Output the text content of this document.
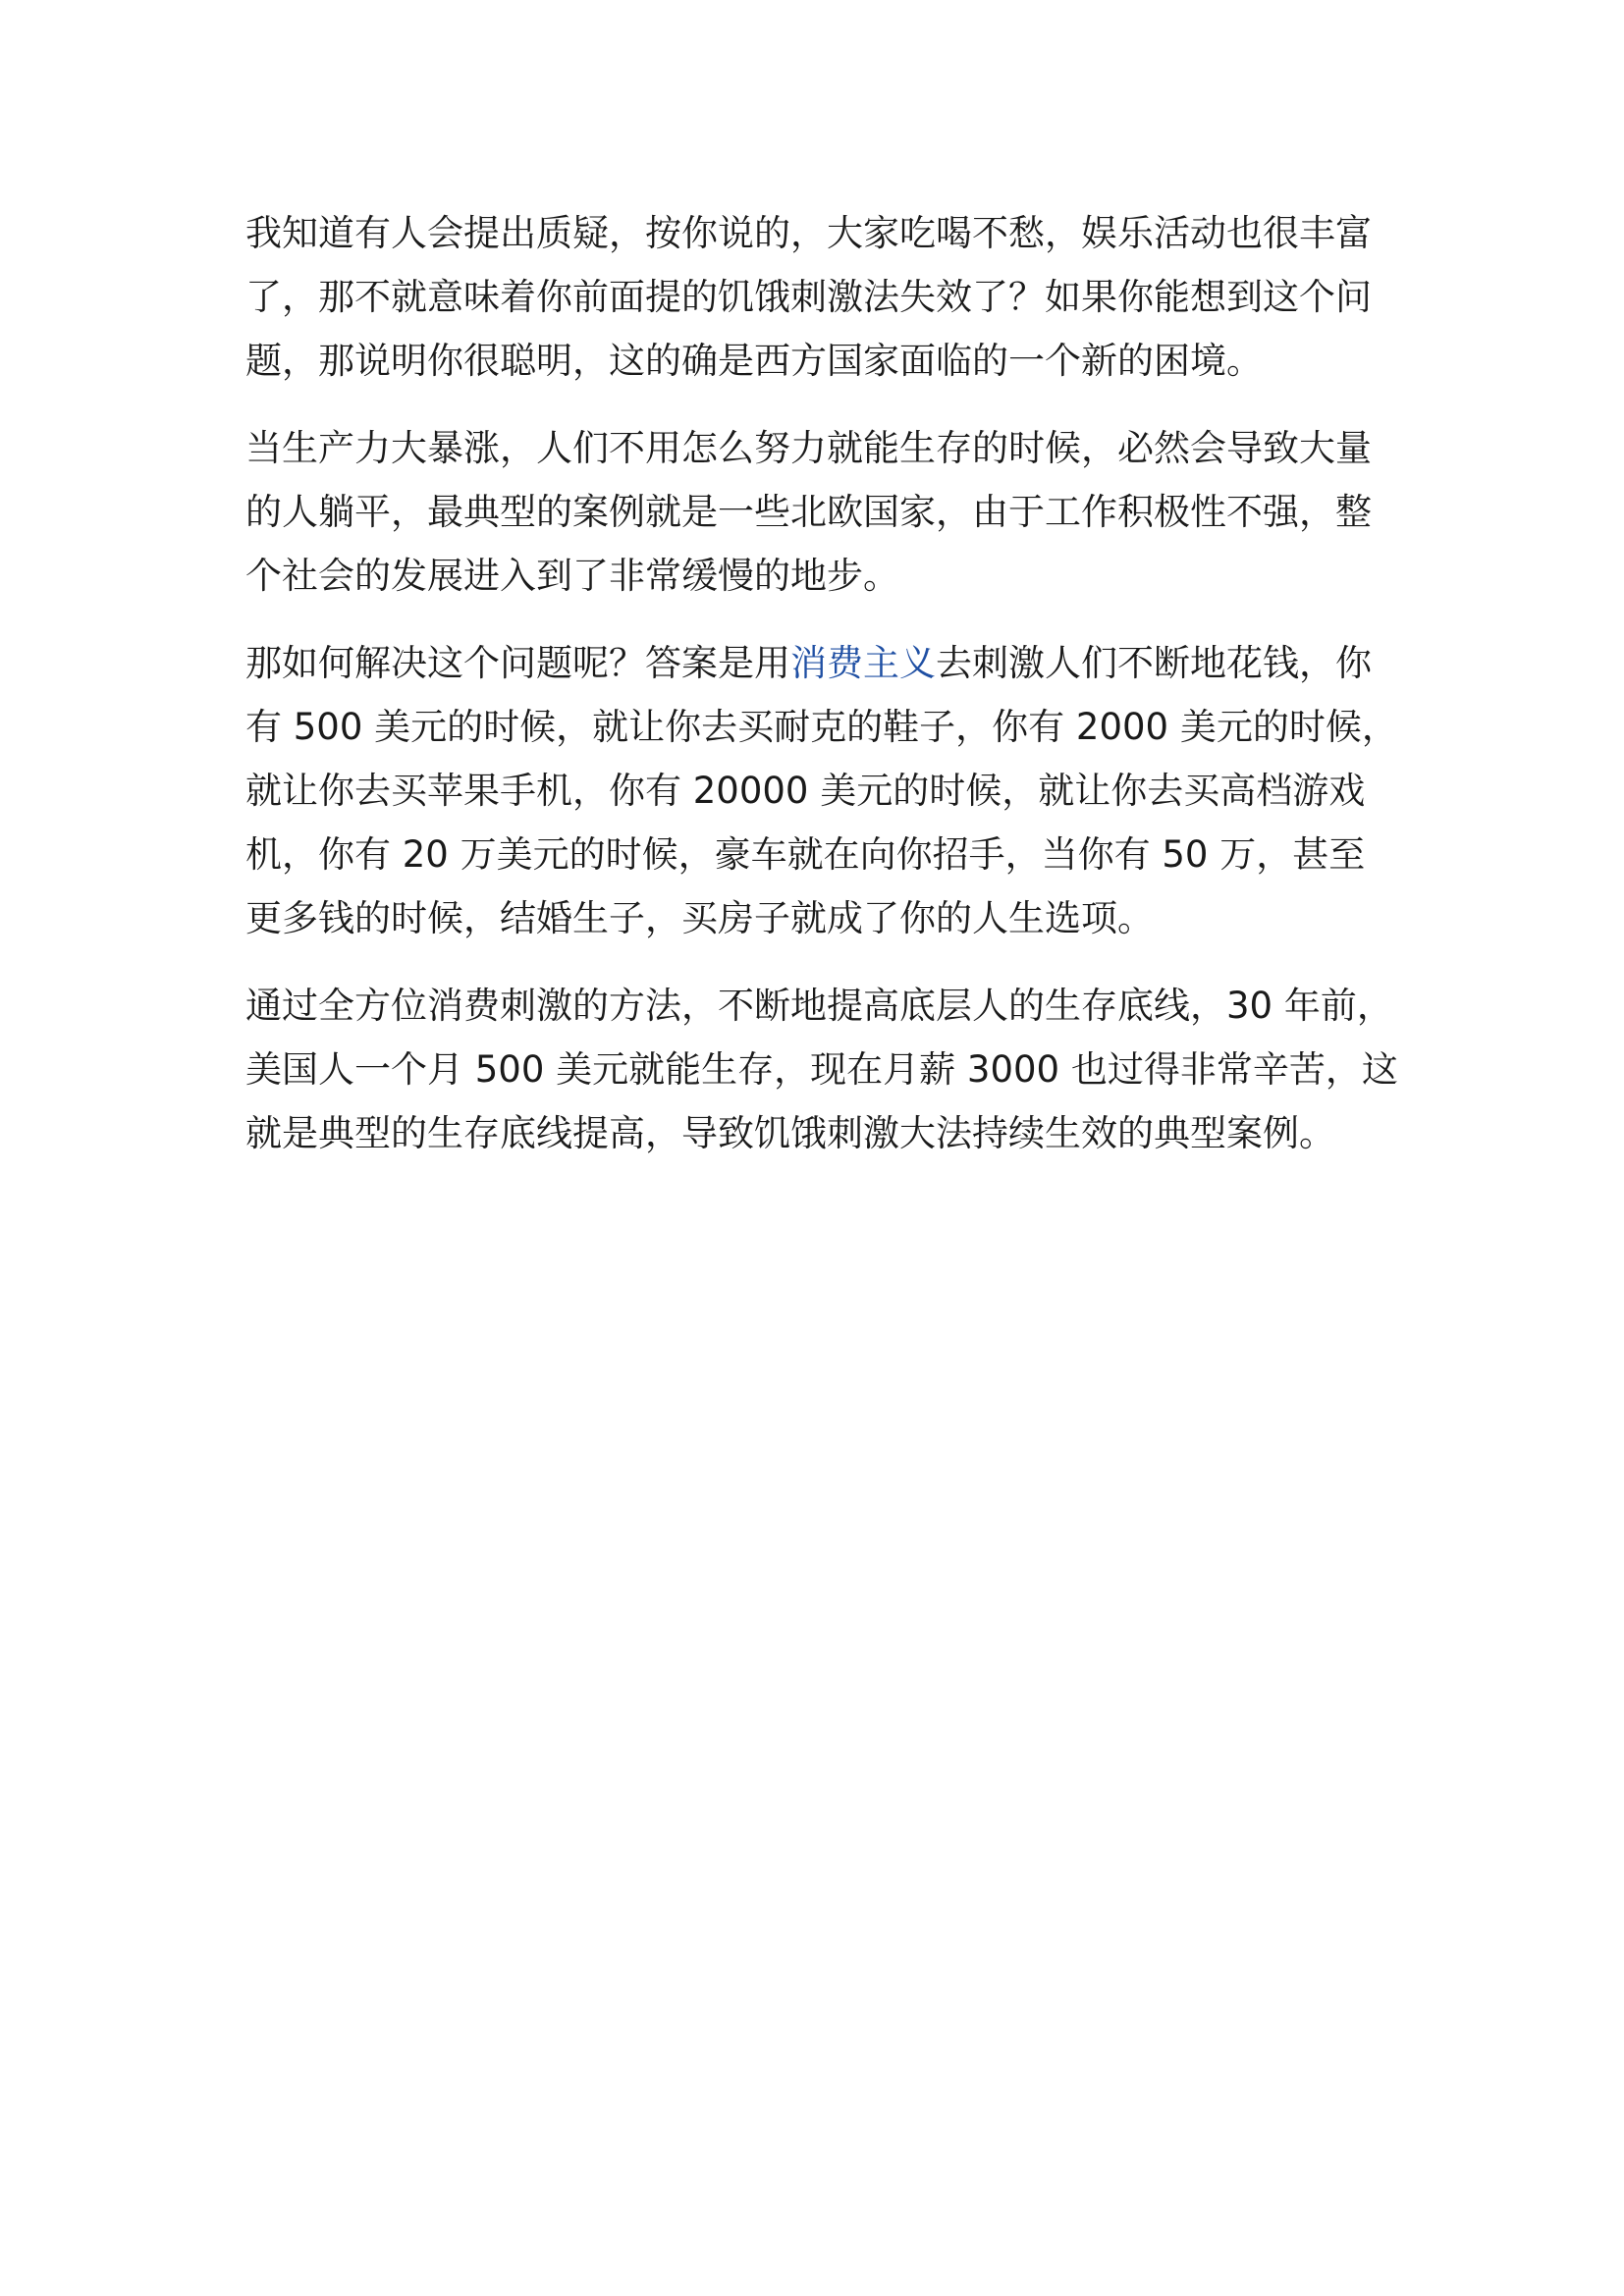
我知道有人会提出质疑，按你说的，大家吃喝不愁，娱乐活动也很丰富
了，那不就意味着你前面提的饥饿刺激法失效了？如果你能想到这个问
题，那说明你很聪明，这的确是西方国家面临的一个新的困境。

当生产力大暴涨，人们不用怎么努力就能生存的时候，必然会导致大量
的人躺平，最典型的案例就是一些北欧国家，由于工作积极性不强，整
个社会的发展进入到了非常缓慢的地步。

那如何解决这个问题呢？答案是用消费主义去刺激人们不断地花钱，你
有 500 美元的时候，就让你去买耐克的鞋子，你有 2000 美元的时候，
就让你去买苹果手机，你有 20000 美元的时候，就让你去买高档游戏
机，你有 20 万美元的时候，豪车就在向你招手，当你有 50 万，甚至
更多钱的时候，结婚生子，买房子就成了你的人生选项。

通过全方位消费刺激的方法，不断地提高底层人的生存底线，30 年前，
美国人一个月 500 美元就能生存，现在月薪 3000 也过得非常辛苦，这
就是典型的生存底线提高，导致饥饿刺激大法持续生效的典型案例。
